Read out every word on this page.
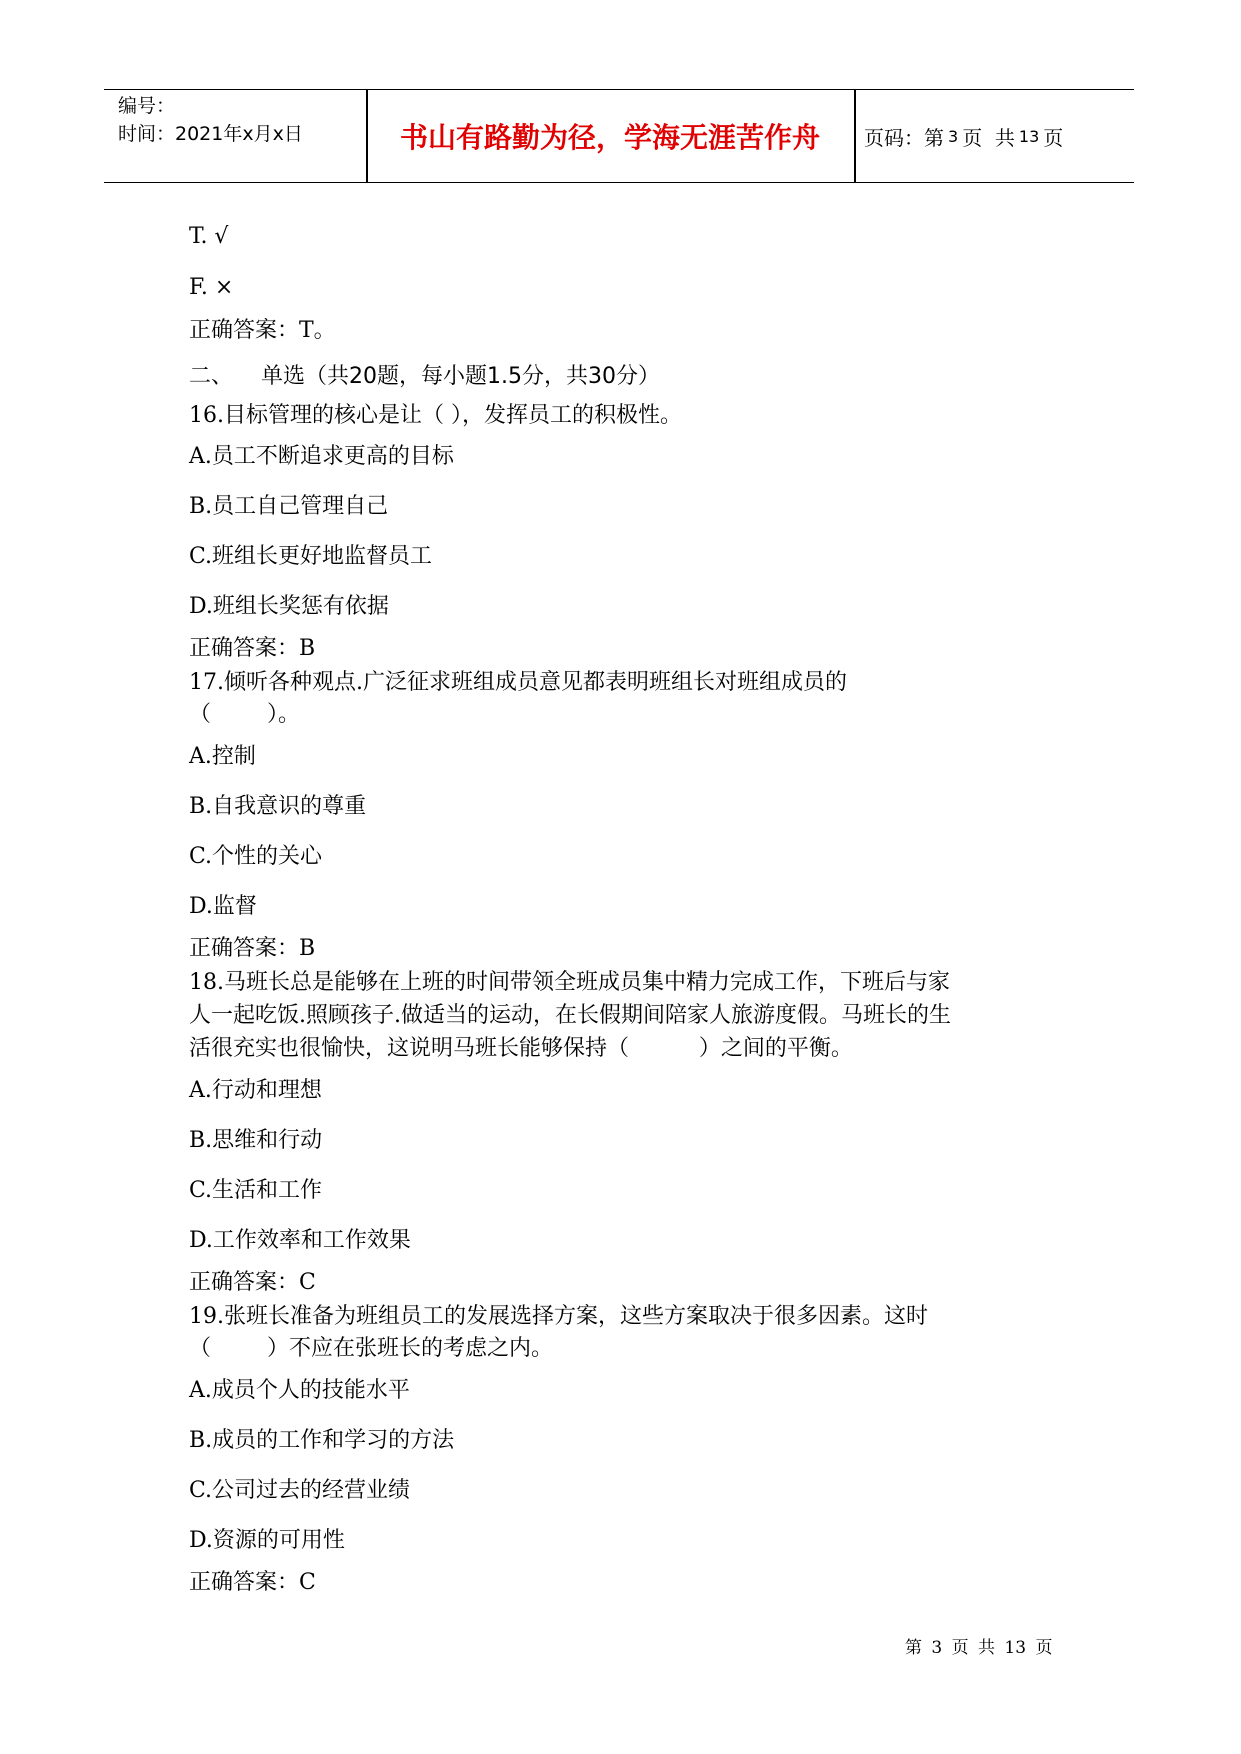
编号：
时间：2021年x月x日	书山有路勤为径，学海无涯苦作舟	页码：第 3 页  共 13 页
T. √
F. ×
正确答案：T。
二、    单选（共20题，每小题1.5分，共30分）
16.目标管理的核心是让（ ），发挥员工的积极性。
A.员工不断追求更高的目标
B.员工自己管理自己
C.班组长更好地监督员工
D.班组长奖惩有依据
正确答案：B
17.倾听各种观点.广泛征求班组成员意见都表明班组长对班组成员的
（        ）。
A.控制
B.自我意识的尊重
C.个性的关心
D.监督
正确答案：B
18.马班长总是能够在上班的时间带领全班成员集中精力完成工作，下班后与家
人一起吃饭.照顾孩子.做适当的运动，在长假期间陪家人旅游度假。马班长的生
活很充实也很愉快，这说明马班长能够保持（          ）之间的平衡。
A.行动和理想
B.思维和行动
C.生活和工作
D.工作效率和工作效果
正确答案：C
19.张班长准备为班组员工的发展选择方案，这些方案取决于很多因素。这时
（        ）不应在张班长的考虑之内。
A.成员个人的技能水平
B.成员的工作和学习的方法
C.公司过去的经营业绩
D.资源的可用性
正确答案：C
第 3 页 共 13 页
